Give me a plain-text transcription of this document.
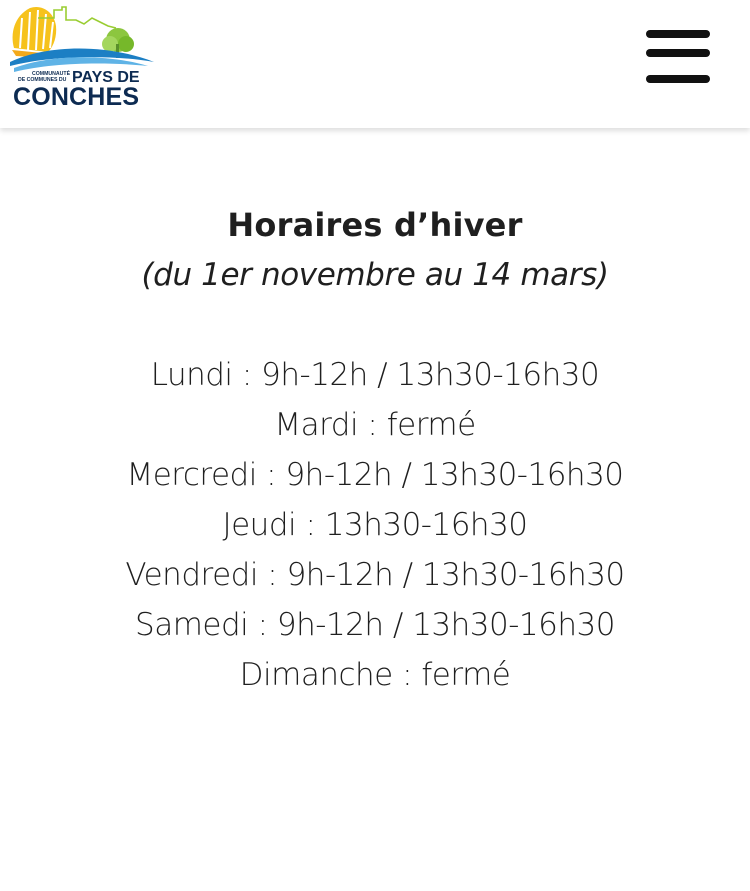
COMMUNAUTÉ
DE COMMUNES DU PAYS DE
CONCHES
Horaires d’hiver

(du 1er novembre au 14 mars)

Lundi : 9h-12h / 13h30-16h30
Mardi : fermé
Mercredi : 9h-12h / 13h30-16h30
Jeudi : 13h30-16h30
Vendredi : 9h-12h / 13h30-16h30
Samedi : 9h-12h / 13h30-16h30
Dimanche : fermé
